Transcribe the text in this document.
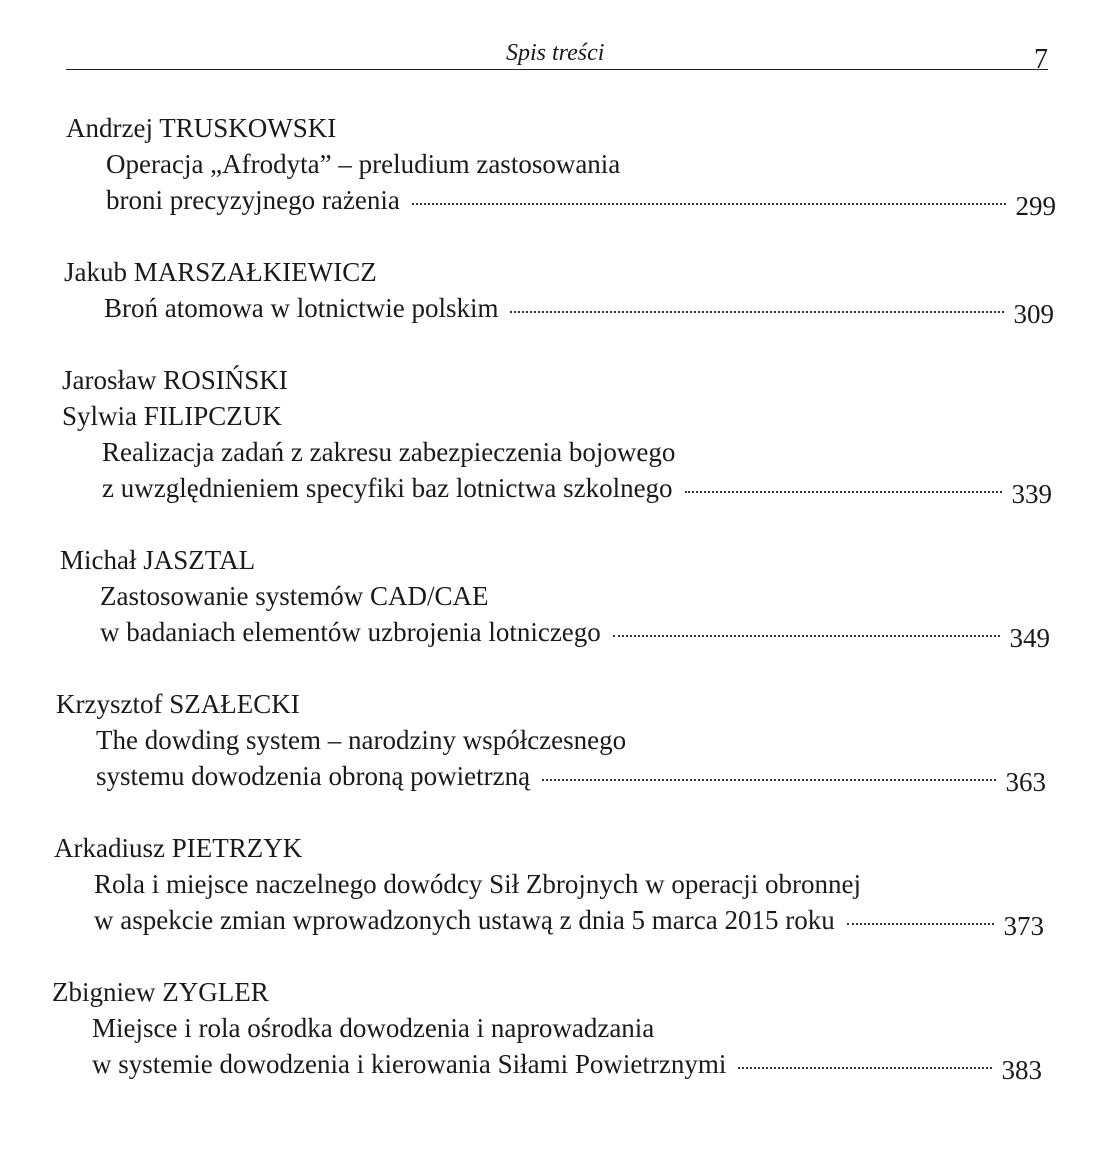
Spis treści	7
Andrzej TRUSKOWSKI
Operacja „Afrodyta” – preludium zastosowania
broni precyzyjnego rażenia	299
Jakub MARSZAŁKIEWICZ
Broń atomowa w lotnictwie polskim	309
Jarosław ROSIŃSKI
Sylwia FILIPCZUK
Realizacja zadań z zakresu zabezpieczenia bojowego
z uwzględnieniem specyfiki baz lotnictwa szkolnego	339
Michał JASZTAL
Zastosowanie systemów CAD/CAE
w badaniach elementów uzbrojenia lotniczego	349
Krzysztof SZAŁECKI
The dowding system – narodziny współczesnego
systemu dowodzenia obroną powietrzną	363
Arkadiusz PIETRZYK
Rola i miejsce naczelnego dowódcy Sił Zbrojnych w operacji obronnej
w aspekcie zmian wprowadzonych ustawą z dnia 5 marca 2015 roku	373
Zbigniew ZYGLER
Miejsce i rola ośrodka dowodzenia i naprowadzania
w systemie dowodzenia i kierowania Siłami Powietrznymi	383
